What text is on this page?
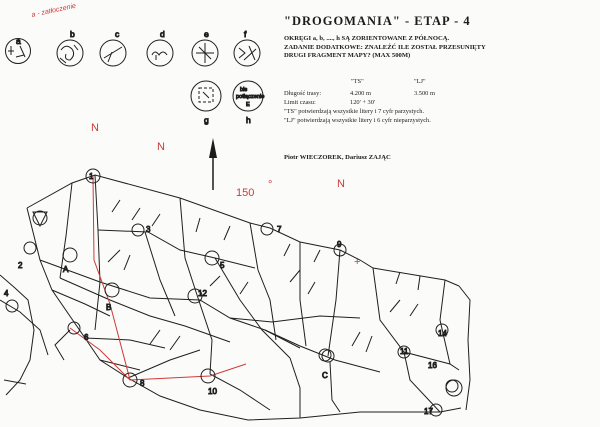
"DROGOMANIA" - ETAP - 4
OKRĘGI a, b, ...., h SĄ ZORIENTOWANE Z PÓŁNOCĄ.
ZADANIE DODATKOWE: ZNALEŹĆ ILE ZOSTAŁ PRZESUNIĘTY
DRUGI FRAGMENT MAPY? (MAX 500M)
"TS"	"LJ"
Długość trasy:	4.200 m	3.500 m
Limit czasu:	120' + 30'
"TS" potwierdzają wszystkie litery i 7 cyfr parzystych.
"LJ" potwierdzają wszystkie litery i 6 cyfr nieparzystych.
Piotr WIECZOREK, Dariusz ZAJĄC
a
b	c	d	e	f
g
bis
potłączenie
E
h
a - zatłoczenie
N
N
150
°	N
+
1
2
3
4
5
6
7
8
9
10
11
12
14
16
17
A
B
C
